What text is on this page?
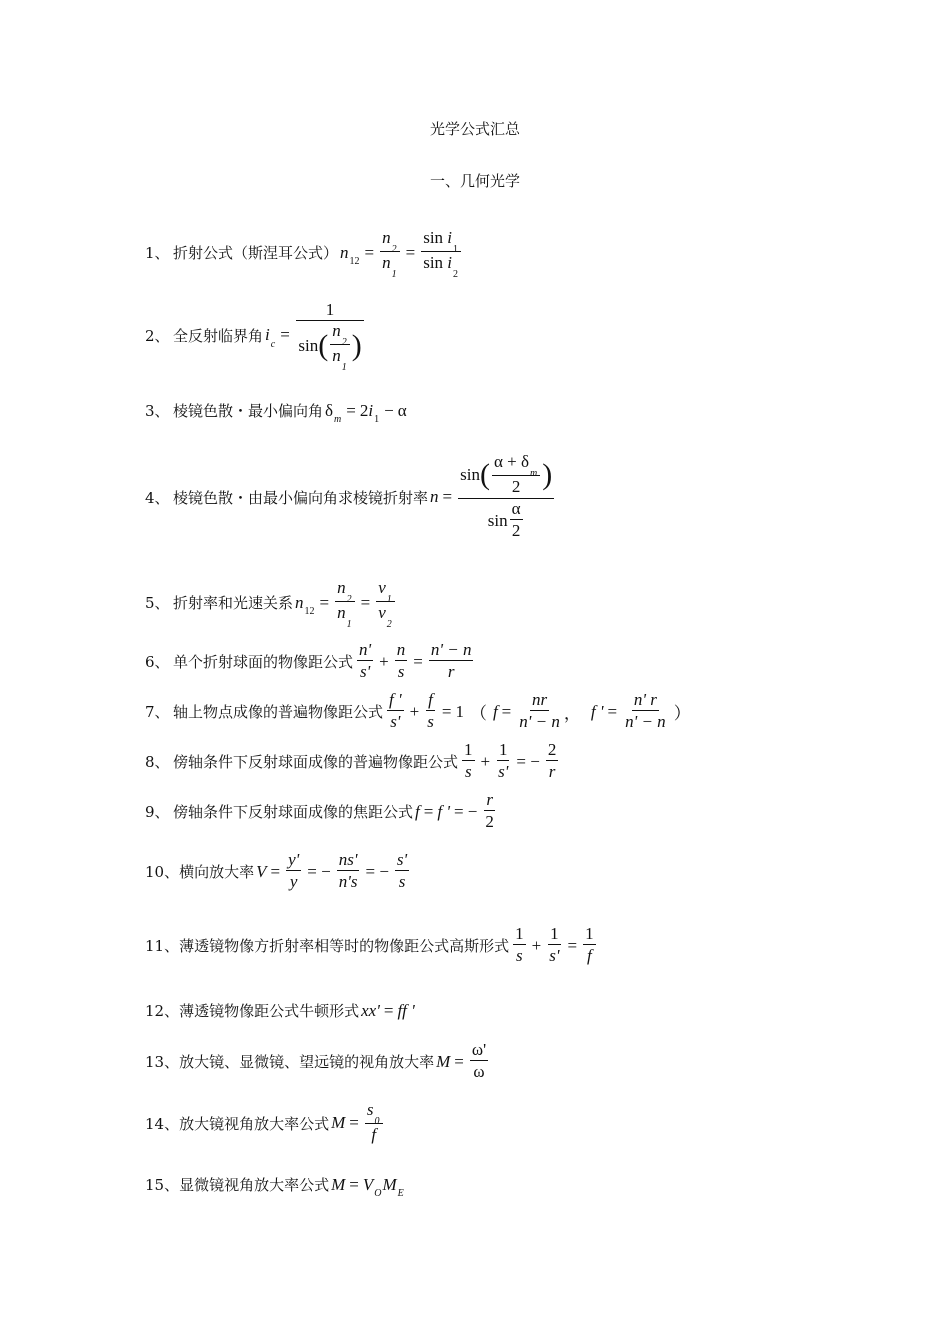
光学公式汇总
一、几何光学
1、 折射公式（斯涅耳公式） n $12 = \frac{n_2}{n_1} = \frac{\sin i_1}{\sin i_2}$
2、 全反射临界角 i $c = \frac{1}{\sin ( \frac{n_2}{n_1} )}$
3、 棱镜色散・最小偏向角 δ m = 2 i 1 − α
4、 棱镜色散・由最小偏向角求棱镜折射率 $n = \frac{\sin ( \frac{\alpha + \delta_m}{2} )}{\sin \frac{\alpha}{2}}$
5、 折射率和光速关系 n $12 = \frac{n_2}{n_1} = \frac{v_1}{v_2}$
6、 单个折射球面的物像距公式 $\frac{n'}{s'} + \frac{n}{s} = \frac{n' - n}{r}$
7、 轴上物点成像的普遍物像距公式 $\frac{f '}{s'} + \frac{f}{s} = 1$ （ $f = \frac{nr}{n' - n}$ ， f ' = $\frac{n' r}{n' - n}$ ）
8、 傍轴条件下反射球面成像的普遍物像距公式 $\frac{1}{s} + \frac{1}{s'}$ = − $\frac{2}{r}$
9、 傍轴条件下反射球面成像的焦距公式 f = f ' = − $\frac{r}{2}$
10、 横向放大率 $V = \frac{y'}{y}$ = − $\frac{ns'}{n's}$ = − $\frac{s'}{s}$
11、 薄透镜物像方折射率相等时的物像距公式高斯形式 $\frac{1}{s} + \frac{1}{s'} = \frac{1}{f}$
12、 薄透镜物像距公式牛顿形式 xx' = ff '
13、 放大镜、显微镜、望远镜的视角放大率 $M = \frac{\omega'}{\omega}$
14、 放大镜视角放大率公式 $M = \frac{s_0}{f}$
15、 显微镜视角放大率公式 M = V O M E
